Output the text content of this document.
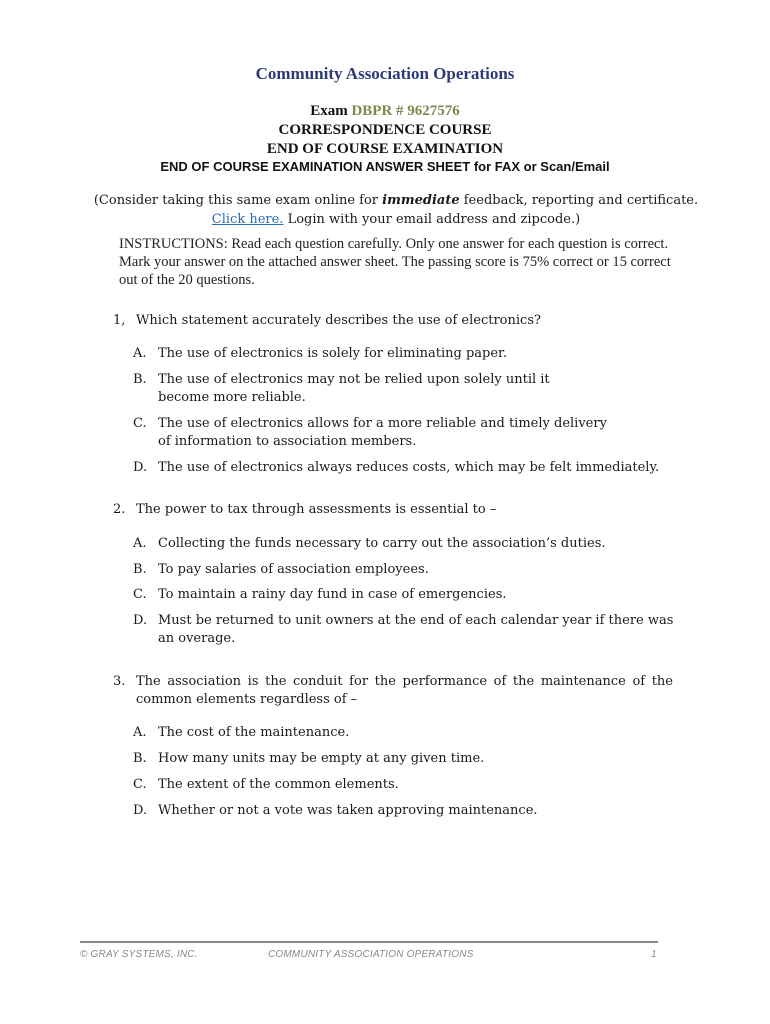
Community Association Operations
Exam DBPR # 9627576
CORRESPONDENCE COURSE
END OF COURSE EXAMINATION
END OF COURSE EXAMINATION ANSWER SHEET for FAX or Scan/Email
(Consider taking this same exam online for immediate feedback, reporting and certificate.
Click here. Login with your email address and zipcode.)
INSTRUCTIONS: Read each question carefully. Only one answer for each question is correct. Mark your answer on the attached answer sheet. The passing score is 75% correct or 15 correct out of the 20 questions.
1, Which statement accurately describes the use of electronics?
A. The use of electronics is solely for eliminating paper.
B. The use of electronics may not be relied upon solely until it become more reliable.
C. The use of electronics allows for a more reliable and timely delivery of information to association members.
D. The use of electronics always reduces costs, which may be felt immediately.
2. The power to tax through assessments is essential to –
A. Collecting the funds necessary to carry out the association’s duties.
B. To pay salaries of association employees.
C. To maintain a rainy day fund in case of emergencies.
D. Must be returned to unit owners at the end of each calendar year if there was an overage.
3. The association is the conduit for the performance of the maintenance of the common elements regardless of –
A. The cost of the maintenance.
B. How many units may be empty at any given time.
C. The extent of the common elements.
D. Whether or not a vote was taken approving maintenance.
© GRAY SYSTEMS, INC.	COMMUNITY ASSOCIATION OPERATIONS	1
